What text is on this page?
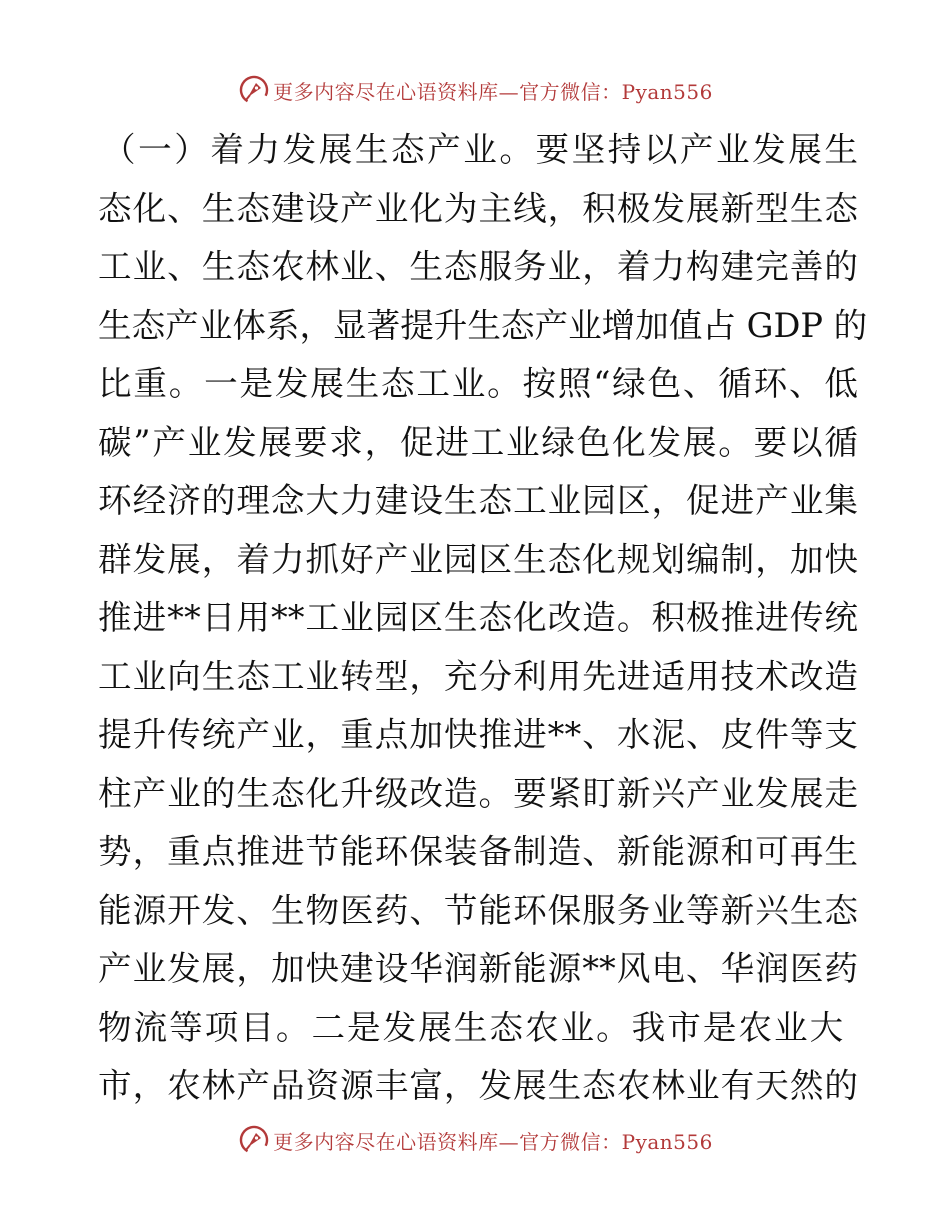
更多内容尽在心语资料库—官方微信：Pyan556
（一）着力发展生态产业。要坚持以产业发展生
态化、生态建设产业化为主线，积极发展新型生态
工业、生态农林业、生态服务业，着力构建完善的
生态产业体系，显著提升生态产业增加值占 GDP 的
比重。一是发展生态工业。按照“绿色、循环、低
碳”产业发展要求，促进工业绿色化发展。要以循
环经济的理念大力建设生态工业园区，促进产业集
群发展，着力抓好产业园区生态化规划编制，加快
推进**日用**工业园区生态化改造。积极推进传统
工业向生态工业转型，充分利用先进适用技术改造
提升传统产业，重点加快推进**、水泥、皮件等支
柱产业的生态化升级改造。要紧盯新兴产业发展走
势，重点推进节能环保装备制造、新能源和可再生
能源开发、生物医药、节能环保服务业等新兴生态
产业发展，加快建设华润新能源**风电、华润医药
物流等项目。二是发展生态农业。我市是农业大
市，农林产品资源丰富，发展生态农林业有天然的
更多内容尽在心语资料库—官方微信：Pyan556
